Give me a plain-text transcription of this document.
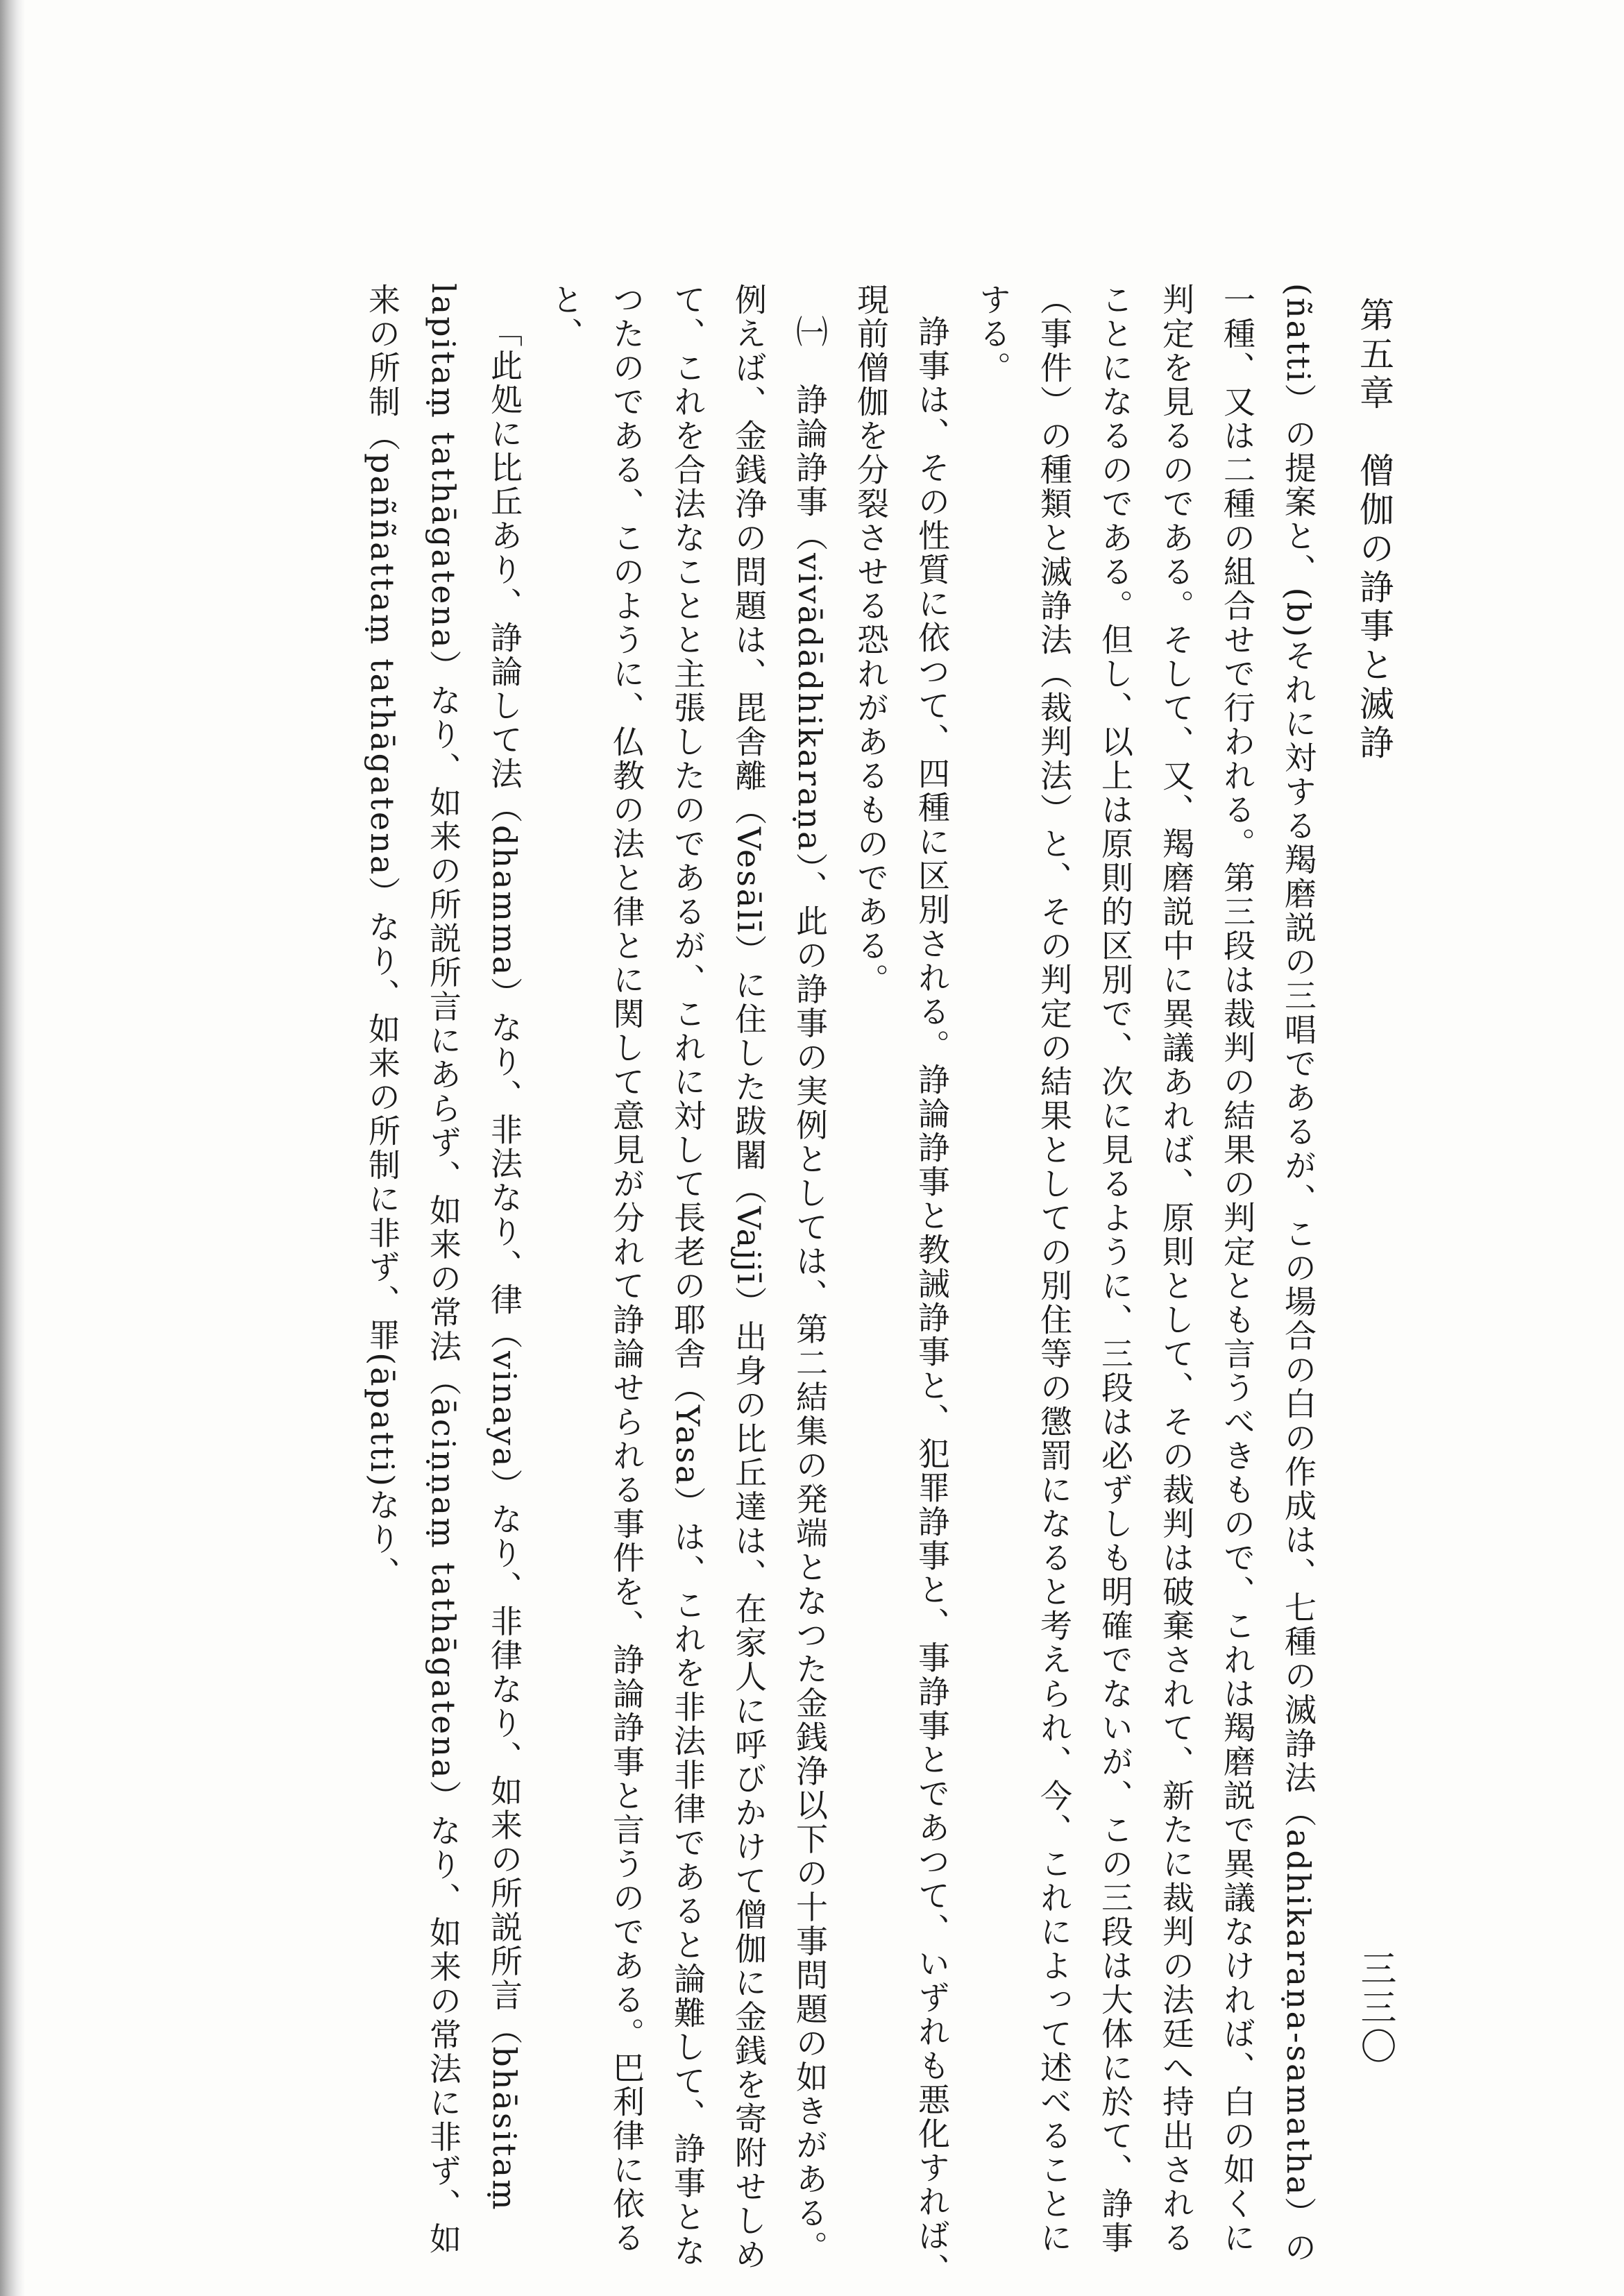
第五章　僧伽の諍事と滅諍
三三〇

(ñatti）の提案と、(b)それに対する羯磨説の三唱であるが、この場合の白の作成は、七種の滅諍法（adhikaraṇa-samatha）の一種、又は二種の組合せで行われる。第三段は裁判の結果の判定とも言うべきもので、これは羯磨説で異議なければ、白の如くに判定を見るのである。そして、又、羯磨説中に異議あれば、原則として、その裁判は破棄されて、新たに裁判の法廷へ持出されることになるのである。但し、以上は原則的区別で、次に見るように、三段は必ずしも明確でないが、この三段は大体に於て、諍事（事件）の種類と滅諍法（裁判法）と、その判定の結果としての別住等の懲罰になると考えられ、今、これによって述べることにする。

諍事は、その性質に依つて、四種に区別される。諍論諍事と教誡諍事と、犯罪諍事と、事諍事とであつて、いずれも悪化すれば、現前僧伽を分裂させる恐れがあるものである。

㈠　諍論諍事（vivādādhikaraṇa）、此の諍事の実例としては、第二結集の発端となつた金銭浄以下の十事問題の如きがある。例えば、金銭浄の問題は、毘舎離（Vesālī）に住した跋闍（Vajjī）出身の比丘達は、在家人に呼びかけて僧伽に金銭を寄附せしめて、これを合法なことと主張したのであるが、これに対して長老の耶舎（Yasa）は、これを非法非律であると論難して、諍事となつたのである、このように、仏教の法と律とに関して意見が分れて諍論せられる事件を、諍論諍事と言うのである。巴利律に依ると、

「此処に比丘あり、諍論して法（dhamma）なり、非法なり、律（vinaya）なり、非律なり、如来の所説所言（bhāsitaṃ lapitaṃ tathāgatena）なり、如来の所説所言にあらず、如来の常法（āciṇṇaṃ tathāgatena）なり、如来の常法に非ず、如来の所制（paññattaṃ tathāgatena）なり、如来の所制に非ず、罪(āpatti)なり、
